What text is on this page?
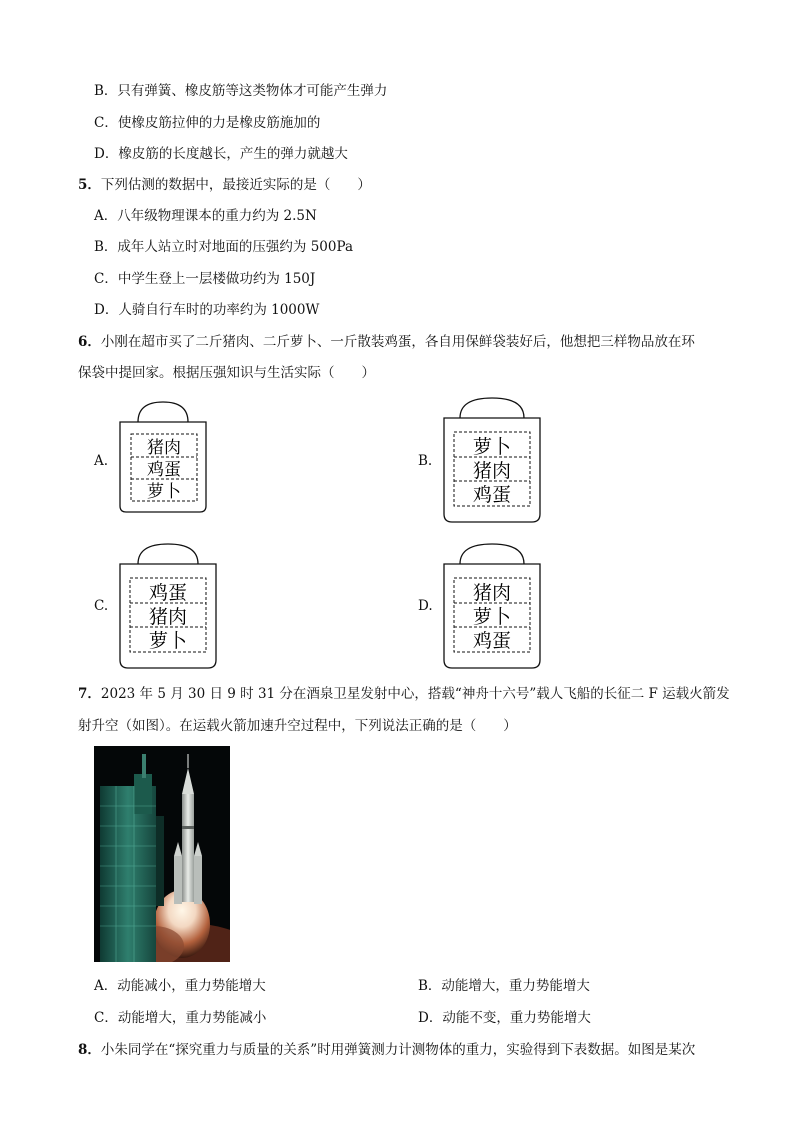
B．只有弹簧、橡皮筋等这类物体才可能产生弹力
C．使橡皮筋拉伸的力是橡皮筋施加的
D．橡皮筋的长度越长，产生的弹力就越大
5．下列估测的数据中，最接近实际的是（　　）
A．八年级物理课本的重力约为 2.5N
B．成年人站立时对地面的压强约为 500Pa
C．中学生登上一层楼做功约为 150J
D．人骑自行车时的功率约为 1000W
6．小刚在超市买了二斤猪肉、二斤萝卜、一斤散装鸡蛋，各自用保鲜袋装好后，他想把三样物品放在环
保袋中提回家。根据压强知识与生活实际（　　）
A.
猪肉
鸡蛋
萝卜
B.
萝卜
猪肉
鸡蛋
C.
鸡蛋
猪肉
萝卜
D.
猪肉
萝卜
鸡蛋
7．2023 年 5 月 30 日 9 时 31 分在酒泉卫星发射中心，搭载“神舟十六号”载人飞船的长征二 F 运载火箭发
射升空（如图）。在运载火箭加速升空过程中，下列说法正确的是（　　）
A．动能减小，重力势能增大	B．动能增大，重力势能增大
C．动能增大，重力势能减小	D．动能不变，重力势能增大
8．小朱同学在“探究重力与质量的关系”时用弹簧测力计测物体的重力，实验得到下表数据。如图是某次
